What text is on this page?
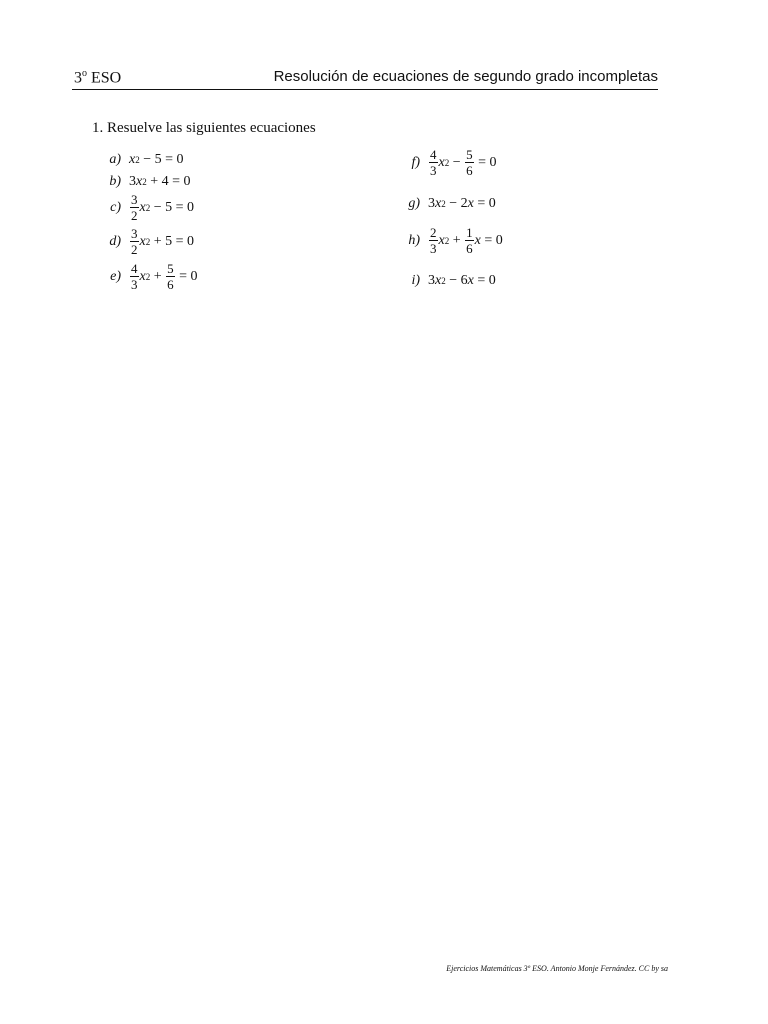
3$^o$ ESO	Resolución de ecuaciones de segundo grado incompletas
1. Resuelve las siguientes ecuaciones
a) x 2 − 5 = 0
b) 3 x 2 + 4 = 0
$c) \frac{3}{2}$ x 2 − 5 = 0
$d) \frac{3}{2}$ x 2 + 5 = 0
$e) \frac{4}{3}$ x $2 + \frac{5}{6} = 0$
$f) \frac{4}{3}$ x $2 - \frac{5}{6} = 0$
g) 3 x 2 − 2 x = 0
$h) \frac{2}{3}$ x $2 + \frac{1}{6}$ x = 0
i) 3 x 2 − 6 x = 0
Ejercicios Matemáticas 3º ESO. Antonio Monje Fernández. CC by sa
